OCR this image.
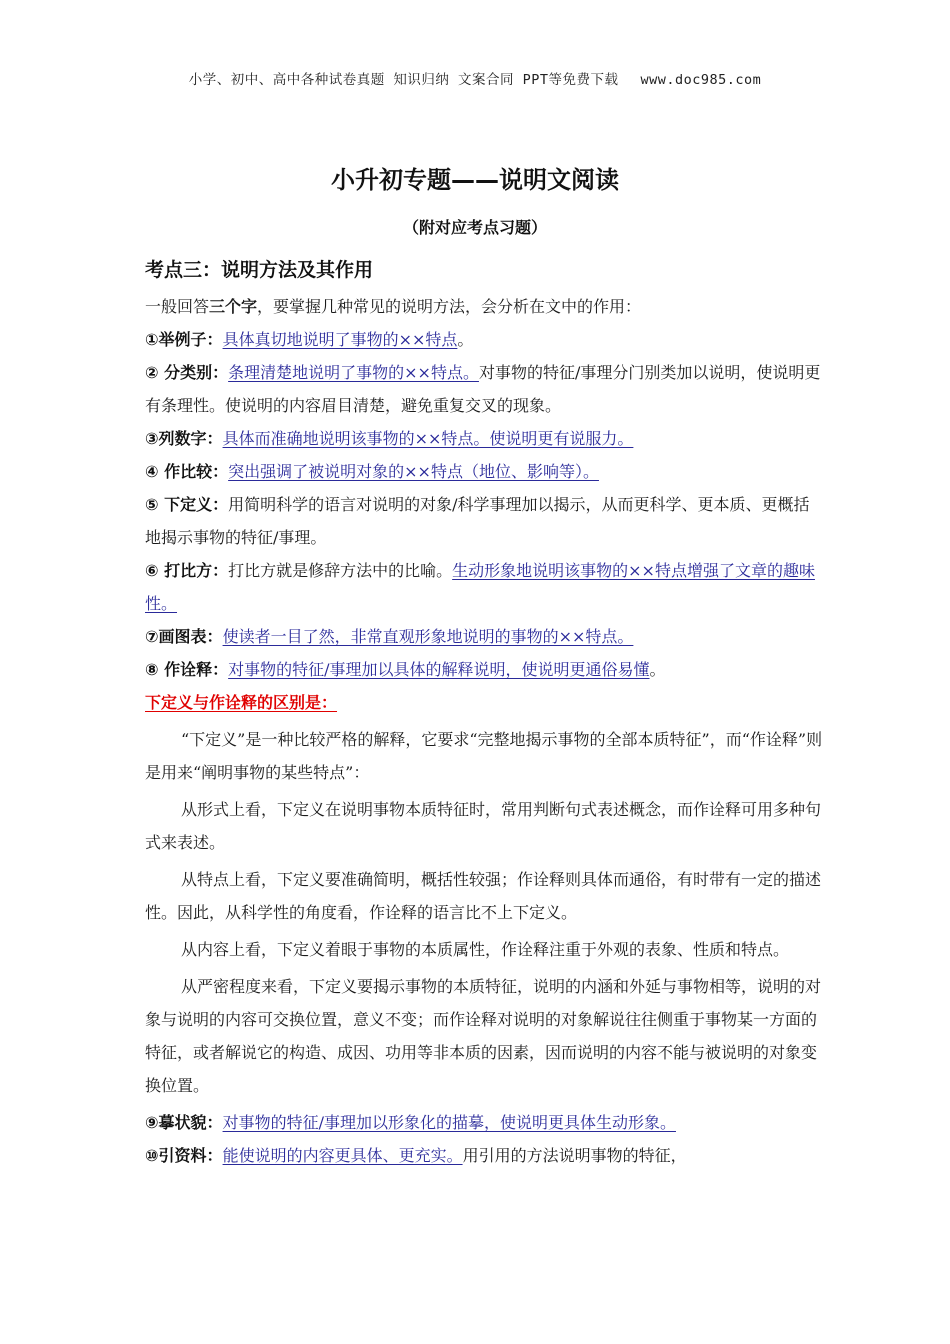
小学、初中、高中各种试卷真题 知识归纳 文案合同 PPT等免费下载 www.doc985.com
小升初专题——说明文阅读
（附对应考点习题）

考点三：说明方法及其作用

一般回答三个字，要掌握几种常见的说明方法，会分析在文中的作用：

①举例子：具体真切地说明了事物的××特点。

② 分类别：条理清楚地说明了事物的××特点。对事物的特征/事理分门别类加以说明，使说明更有条理性。使说明的内容眉目清楚，避免重复交叉的现象。

③列数字：具体而准确地说明该事物的××特点。使说明更有说服力。

④ 作比较：突出强调了被说明对象的××特点（地位、影响等）。

⑤ 下定义：用简明科学的语言对说明的对象/科学事理加以揭示，从而更科学、更本质、更概括地揭示事物的特征/事理。

⑥ 打比方：打比方就是修辞方法中的比喻。生动形象地说明该事物的××特点增强了文章的趣味性。

⑦画图表：使读者一目了然，非常直观形象地说明的事物的××特点。

⑧ 作诠释：对事物的特征/事理加以具体的解释说明，使说明更通俗易懂。

下定义与作诠释的区别是：

“下定义”是一种比较严格的解释，它要求“完整地揭示事物的全部本质特征”，而“作诠释”则是用来“阐明事物的某些特点”：

从形式上看，下定义在说明事物本质特征时，常用判断句式表述概念，而作诠释可用多种句式来表述。

从特点上看，下定义要准确简明，概括性较强；作诠释则具体而通俗，有时带有一定的描述性。因此，从科学性的角度看，作诠释的语言比不上下定义。

从内容上看，下定义着眼于事物的本质属性，作诠释注重于外观的表象、性质和特点。

从严密程度来看，下定义要揭示事物的本质特征，说明的内涵和外延与事物相等，说明的对象与说明的内容可交换位置，意义不变；而作诠释对说明的对象解说往往侧重于事物某一方面的特征，或者解说它的构造、成因、功用等非本质的因素，因而说明的内容不能与被说明的对象变换位置。

⑨摹状貌：对事物的特征/事理加以形象化的描摹，使说明更具体生动形象。

⑩引资料：能使说明的内容更具体、更充实。用引用的方法说明事物的特征，
